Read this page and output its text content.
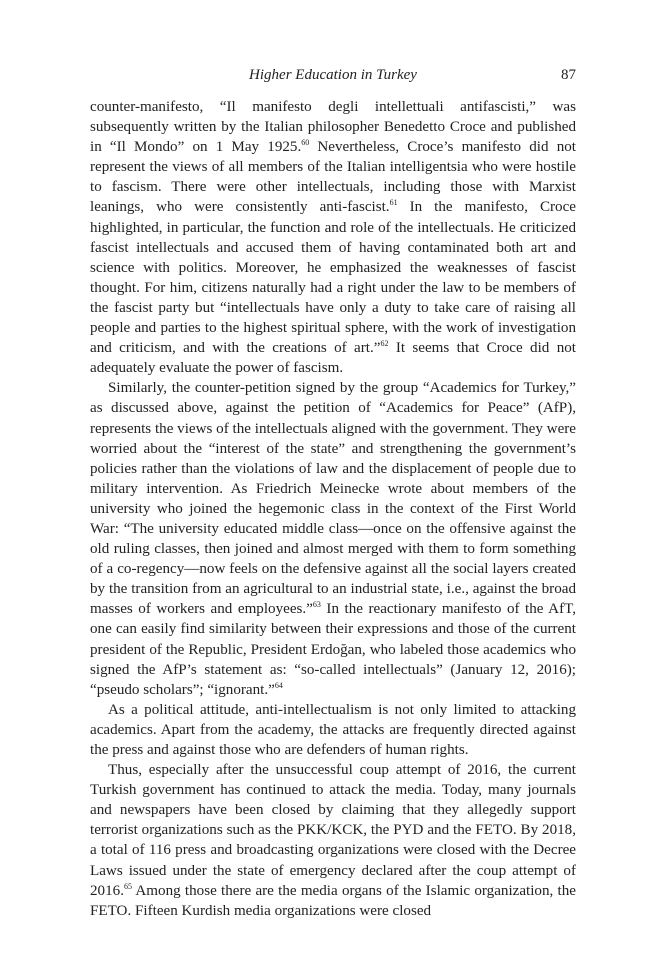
Higher Education in Turkey	87

counter-manifesto, “Il manifesto degli intellettuali antifascisti,” was subsequently written by the Italian philosopher Benedetto Croce and published in “Il Mondo” on 1 May 1925.60 Nevertheless, Croce’s manifesto did not represent the views of all members of the Italian intelligentsia who were hostile to fascism. There were other intellectuals, including those with Marxist leanings, who were consistently anti-fascist.$^{61}$ In the manifesto, Croce highlighted, in particular, the function and role of the intellectuals. He criticized fascist intellectuals and accused them of having contaminated both art and science with politics. Moreover, he emphasized the weaknesses of fascist thought. For him, citizens naturally had a right under the law to be members of the fascist party but “intellectuals have only a duty to take care of raising all people and parties to the highest spiritual sphere, with the work of investigation and criticism, and with the creations of art.”$^{62}$ It seems that Croce did not adequately evaluate the power of fascism.

Similarly, the counter-petition signed by the group “Academics for Turkey,” as discussed above, against the petition of “Academics for Peace” (AfP), represents the views of the intellectuals aligned with the government. They were worried about the “interest of the state” and strengthening the government’s policies rather than the violations of law and the displacement of people due to military intervention. As Friedrich Meinecke wrote about members of the university who joined the hegemonic class in the context of the First World War: “The university educated middle class—once on the offensive against the old ruling classes, then joined and almost merged with them to form something of a co-regency—now feels on the defensive against all the social layers created by the transition from an agricultural to an industrial state, i.e., against the broad masses of workers and employees.”$^{63}$ In the reactionary manifesto of the AfT, one can easily find similarity between their expressions and those of the current president of the Republic, President Erdoğan, who labeled those academics who signed the AfP’s statement as: “so-called intellectuals” (January 12, 2016); “pseudo scholars”; “ignorant.”$^{64}$

As a political attitude, anti-intellectualism is not only limited to attacking academics. Apart from the academy, the attacks are frequently directed against the press and against those who are defenders of human rights.

Thus, especially after the unsuccessful coup attempt of 2016, the current Turkish government has continued to attack the media. Today, many journals and newspapers have been closed by claiming that they allegedly support terrorist organizations such as the PKK/KCK, the PYD and the FETO. By 2018, a total of 116 press and broadcasting organizations were closed with the Decree Laws issued under the state of emergency declared after the coup attempt of 2016.65 Among those there are the media organs of the Islamic organization, the FETO. Fifteen Kurdish media organizations were closed
